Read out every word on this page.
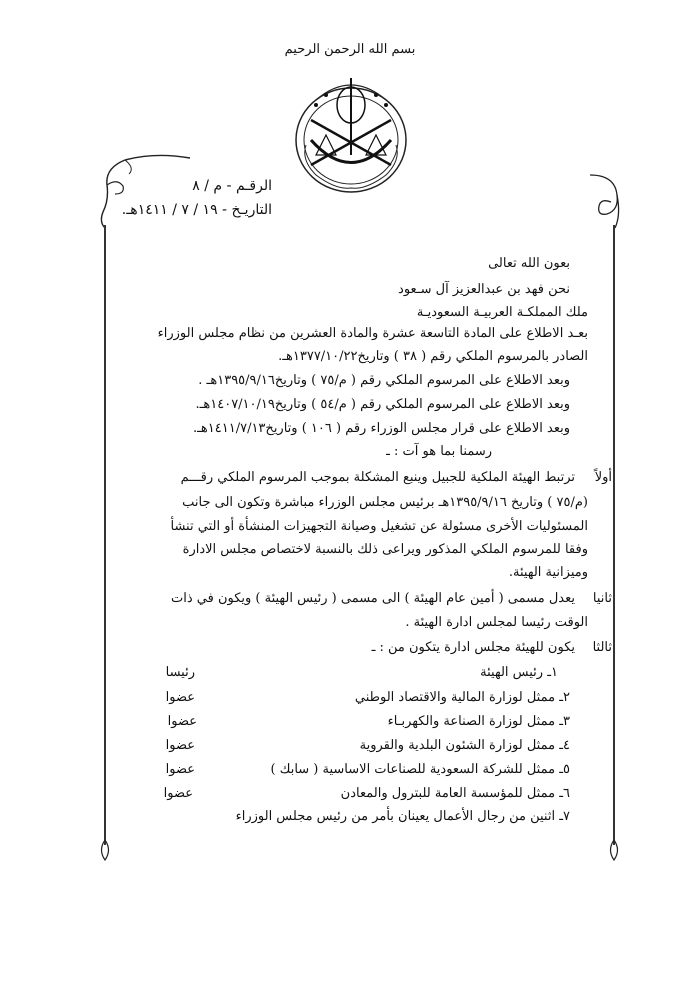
بسم الله الرحمن الرحيم
الرقـم - م / ٨
التاريـخ - ١٩ / ٧ / ١٤١١هـ.
بعون الله تعالى
نحن فهد بن عبدالعزيز آل سـعود
ملك المملكـة العربيـة السعوديـة
بعـد الاطلاع على المادة التاسعة عشرة والمادة العشرين من نظام مجلس الوزراء
الصادر بالمرسوم الملكي رقم ( ٣٨ ) وتاريخ١٣٧٧/١٠/٢٢هـ.
وبعد الاطلاع على المرسوم الملكي رقم ( م/٧٥ ) وتاريخ١٣٩٥/٩/١٦هـ .
وبعد الاطلاع على المرسوم الملكي رقم ( م/٥٤ ) وتاريخ١٤٠٧/١٠/١٩هـ.
وبعد الاطلاع على قرار مجلس الوزراء رقم ( ١٠٦ ) وتاريخ١٤١١/٧/١٣هـ.
رسمنا بما هو آت : ـ
أولاً
ترتبط الهيئة الملكية للجبيل وينبع المشكلة بموجب المرسوم الملكي رقـــم
(م/٧٥ ) وتاريخ ١٣٩٥/٩/١٦هـ برئيس مجلس الوزراء مباشرة وتكون الى جانب
المسئوليات الأخرى مسئولة عن تشغيل وصيانة التجهيزات المنشأة أو التي تنشأ
وفقا للمرسوم الملكي المذكور ويراعى ذلك بالنسبة لاختصاص مجلس الادارة
وميزانية الهيئة.
ثانيا
يعدل مسمى ( أمين عام الهيئة ) الى مسمى ( رئيس الهيئة ) ويكون في ذات
الوقت رئيسا لمجلس ادارة الهيئة .
ثالثا
يكون للهيئة مجلس ادارة يتكون من : ـ
١ـ رئيس الهيئة
رئيسا
٢ـ ممثل لوزارة المالية والاقتصاد الوطني
عضوا
٣ـ ممثل لوزارة الصناعة والكهربـاء
عضوا
٤ـ ممثل لوزارة الشئون البلدية والقروية
عضوا
٥ـ ممثل للشركة السعودية للصناعات الاساسية ( سابك )
عضوا
٦ـ ممثل للمؤسسة العامة للبترول والمعادن
عضوا
٧ـ اثنين من رجال الأعمال يعينان بأمر من رئيس مجلس الوزراء
